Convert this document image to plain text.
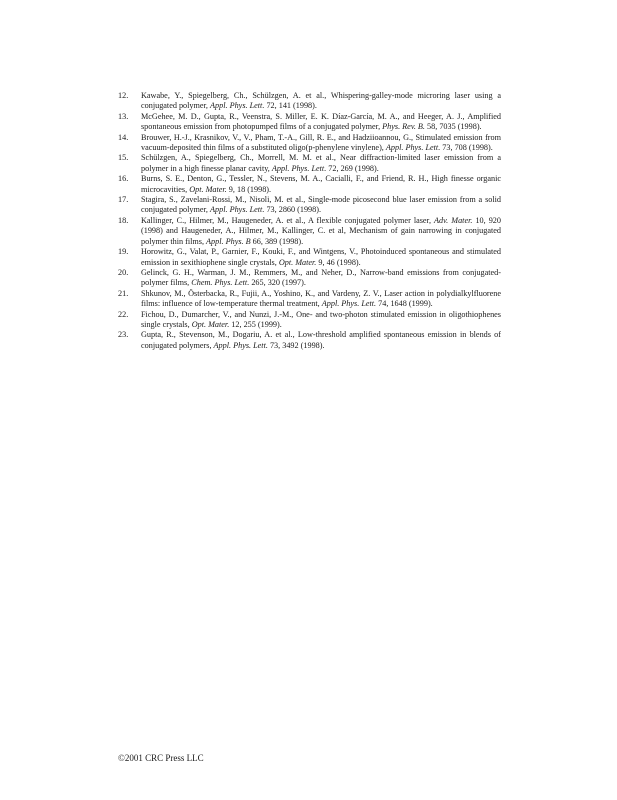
12. Kawabe, Y., Spiegelberg, Ch., Schülzgen, A. et al., Whispering-galley-mode microring laser using a conjugated polymer, Appl. Phys. Lett. 72, 141 (1998).
13. McGehee, M. D., Gupta, R., Veenstra, S. Miller, E. K. Díaz-García, M. A., and Heeger, A. J., Amplified spontaneous emission from photopumped films of a conjugated polymer, Phys. Rev. B. 58, 7035 (1998).
14. Brouwer, H.-J., Krasnikov, V., V., Pham, T.-A., Gill, R. E., and Hadziioannou, G., Stimulated emission from vacuum-deposited thin films of a substituted oligo(p-phenylene vinylene), Appl. Phys. Lett. 73, 708 (1998).
15. Schülzgen, A., Spiegelberg, Ch., Morrell, M. M. et al., Near diffraction-limited laser emission from a polymer in a high finesse planar cavity, Appl. Phys. Lett. 72, 269 (1998).
16. Burns, S. E., Denton, G., Tessler, N., Stevens, M. A., Cacialli, F., and Friend, R. H., High finesse organic microcavities, Opt. Mater. 9, 18 (1998).
17. Stagira, S., Zavelani-Rossi, M., Nisoli, M. et al., Single-mode picosecond blue laser emission from a solid conjugated polymer, Appl. Phys. Lett. 73, 2860 (1998).
18. Kallinger, C., Hilmer, M., Haugeneder, A. et al., A flexible conjugated polymer laser, Adv. Mater. 10, 920 (1998) and Haugeneder, A., Hilmer, M., Kallinger, C. et al, Mechanism of gain narrowing in conjugated polymer thin films, Appl. Phys. B 66, 389 (1998).
19. Horowitz, G., Valat, P., Garnier, F., Kouki, F., and Wintgens, V., Photoinduced spontaneous and stimulated emission in sexithiophene single crystals, Opt. Mater. 9, 46 (1998).
20. Gelinck, G. H., Warman, J. M., Remmers, M., and Neher, D., Narrow-band emissions from conjugated-polymer films, Chem. Phys. Lett. 265, 320 (1997).
21. Shkunov, M., Österbacka, R., Fujii, A., Yoshino, K., and Vardeny, Z. V., Laser action in polydialkylfluorene films: influence of low-temperature thermal treatment, Appl. Phys. Lett. 74, 1648 (1999).
22. Fichou, D., Dumarcher, V., and Nunzi, J.-M., One- and two-photon stimulated emission in oligothiophenes single crystals, Opt. Mater. 12, 255 (1999).
23. Gupta, R., Stevenson, M., Dogariu, A. et al., Low-threshold amplified spontaneous emission in blends of conjugated polymers, Appl. Phys. Lett. 73, 3492 (1998).
©2001 CRC Press LLC
